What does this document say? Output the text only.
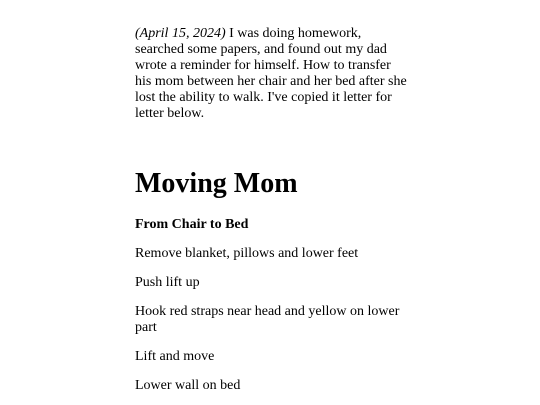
(April 15, 2024) I was doing homework, searched some papers, and found out my dad wrote a reminder for himself. How to transfer his mom between her chair and her bed after she lost the ability to walk. I've copied it letter for letter below.

Moving Mom

From Chair to Bed

Remove blanket, pillows and lower feet

Push lift up

Hook red straps near head and yellow on lower part

Lift and move

Lower wall on bed
